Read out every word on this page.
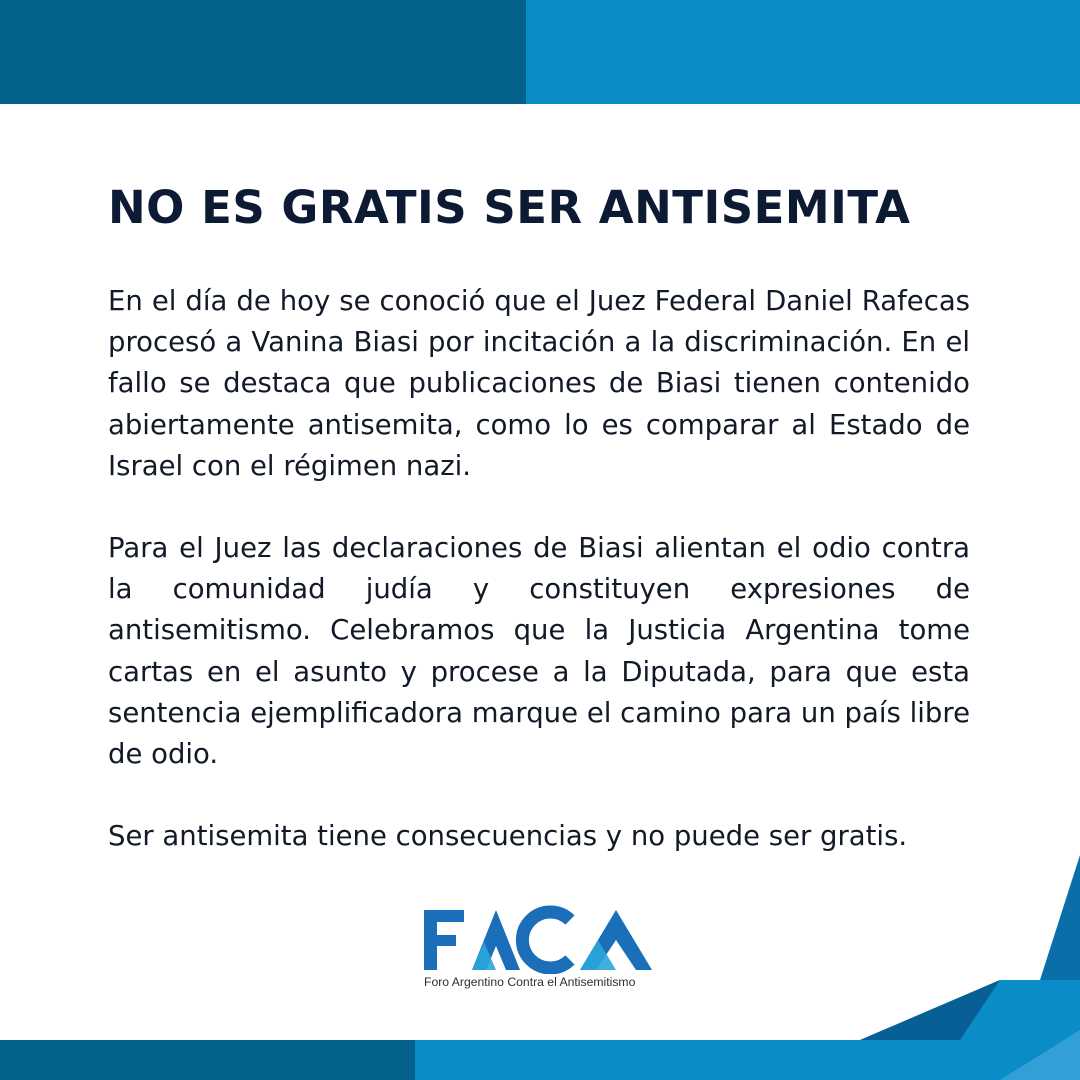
NO ES GRATIS SER ANTISEMITA

En el día de hoy se conoció que el Juez Federal Daniel Rafecas procesó a Vanina Biasi por incitación a la discriminación. En el fallo se destaca que publicaciones de Biasi tienen contenido abiertamente antisemita, como lo es comparar al Estado de Israel con el régimen nazi.

Para el Juez las declaraciones de Biasi alientan el odio contra la comunidad judía y constituyen expresiones de antisemitismo. Celebramos que la Justicia Argentina tome cartas en el asunto y procese a la Diputada, para que esta sentencia ejemplificadora marque el camino para un país libre de odio.

Ser antisemita tiene consecuencias y no puede ser gratis.

Foro Argentino Contra el Antisemitismo
